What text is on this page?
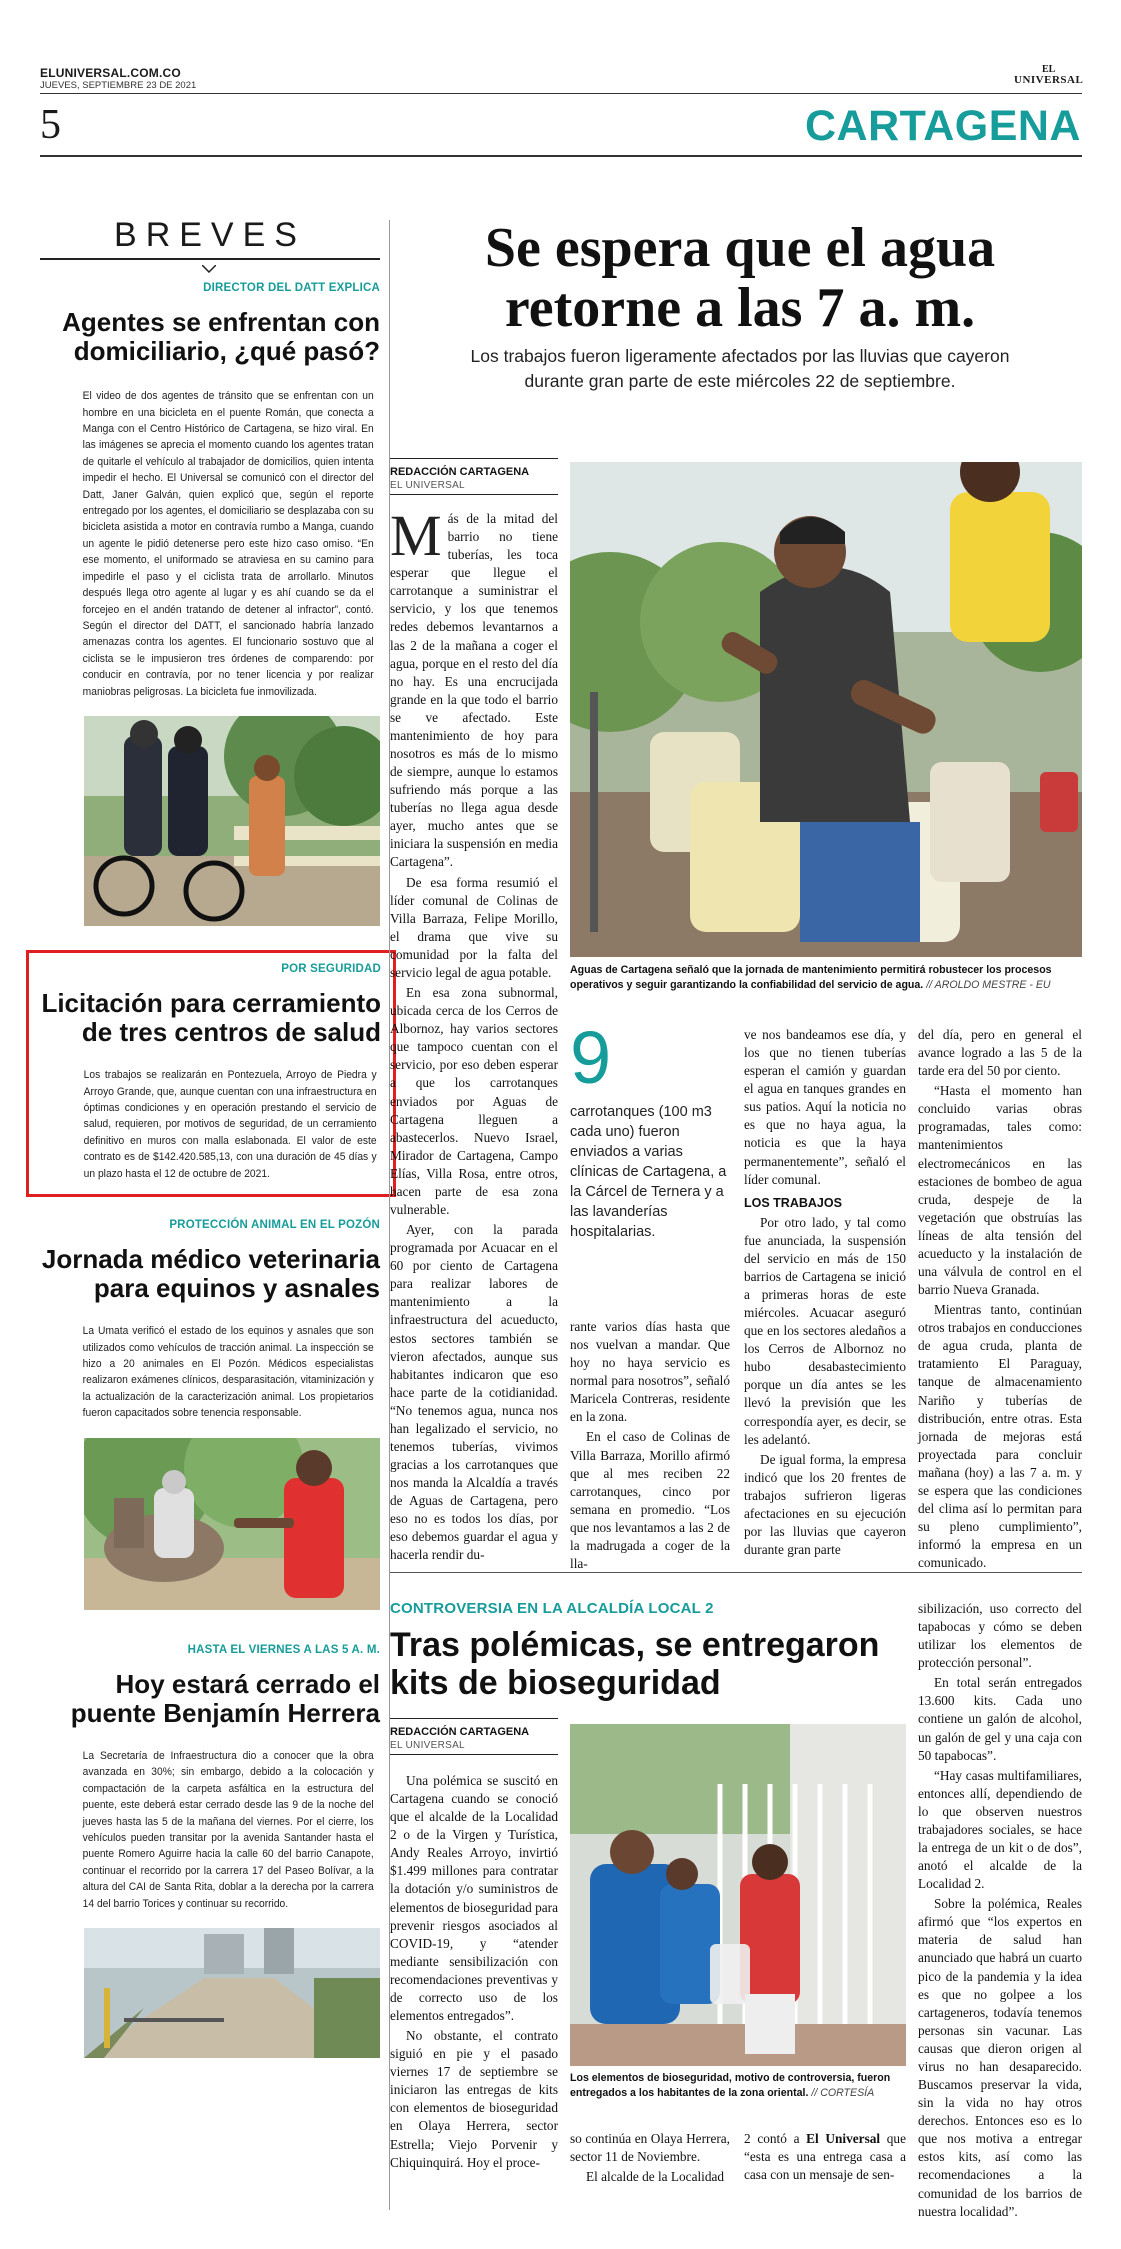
ELUNIVERSAL.COM.CO
JUEVES, SEPTIEMBRE 23 DE 2021
EL
UNIVERSAL
5	CARTAGENA
BREVES
DIRECTOR DEL DATT EXPLICA
Agentes se enfrentan con domiciliario, ¿qué pasó?
El video de dos agentes de tránsito que se enfrentan con un hombre en una bicicleta en el puente Román, que conecta a Manga con el Centro Histórico de Cartagena, se hizo viral. En las imágenes se aprecia el momento cuando los agentes tratan de quitarle el vehículo al trabajador de domicilios, quien intenta impedir el hecho. El Universal se comunicó con el director del Datt, Janer Galván, quien explicó que, según el reporte entregado por los agentes, el domiciliario se desplazaba con su bicicleta asistida a motor en contravía rumbo a Manga, cuando un agente le pidió detenerse pero este hizo caso omiso. “En ese momento, el uniformado se atraviesa en su camino para impedirle el paso y el ciclista trata de arrollarlo. Minutos después llega otro agente al lugar y es ahí cuando se da el forcejeo en el andén tratando de detener al infractor”, contó. Según el director del DATT, el sancionado habría lanzado amenazas contra los agentes. El funcionario sostuvo que al ciclista se le impusieron tres órdenes de comparendo: por conducir en contravía, por no tener licencia y por realizar maniobras peligrosas. La bicicleta fue inmovilizada.
POR SEGURIDAD
Licitación para cerramiento de tres centros de salud
Los trabajos se realizarán en Pontezuela, Arroyo de Piedra y Arroyo Grande, que, aunque cuentan con una infraestructura en óptimas condiciones y en operación prestando el servicio de salud, requieren, por motivos de seguridad, de un cerramiento definitivo en muros con malla eslabonada. El valor de este contrato es de $142.420.585,13, con una duración de 45 días y un plazo hasta el 12 de octubre de 2021.
PROTECCIÓN ANIMAL EN EL POZÓN
Jornada médico veterinaria para equinos y asnales
La Umata verificó el estado de los equinos y asnales que son utilizados como vehículos de tracción animal. La inspección se hizo a 20 animales en El Pozón. Médicos especialistas realizaron exámenes clínicos, desparasitación, vitaminización y la actualización de la caracterización animal. Los propietarios fueron capacitados sobre tenencia responsable.
HASTA EL VIERNES A LAS 5 A. M.
Hoy estará cerrado el puente Benjamín Herrera
La Secretaría de Infraestructura dio a conocer que la obra avanzada en 30%; sin embargo, debido a la colocación y compactación de la carpeta asfáltica en la estructura del puente, este deberá estar cerrado desde las 9 de la noche del jueves hasta las 5 de la mañana del viernes. Por el cierre, los vehículos pueden transitar por la avenida Santander hasta el puente Romero Aguirre hacia la calle 60 del barrio Canapote, continuar el recorrido por la carrera 17 del Paseo Bolívar, a la altura del CAI de Santa Rita, doblar a la derecha por la carrera 14 del barrio Torices y continuar su recorrido.
Se espera que el agua retorne a las 7 a. m.
Los trabajos fueron ligeramente afectados por las lluvias que cayeron durante gran parte de este miércoles 22 de septiembre.
REDACCIÓN CARTAGENA
EL UNIVERSAL
M ás de la mitad del barrio no tiene tuberías, les toca esperar que llegue el carrotanque a suministrar el servicio, y los que tenemos redes debemos levantarnos a las 2 de la mañana a coger el agua, porque en el resto del día no hay. Es una encrucijada grande en la que todo el barrio se ve afectado. Este mantenimiento de hoy para nosotros es más de lo mismo de siempre, aunque lo estamos sufriendo más porque a las tuberías no llega agua desde ayer, mucho antes que se iniciara la suspensión en media Cartagena”.

De esa forma resumió el líder comunal de Colinas de Villa Barraza, Felipe Morillo, el drama que vive su comunidad por la falta del servicio legal de agua potable.

En esa zona subnormal, ubicada cerca de los Cerros de Albornoz, hay varios sectores que tampoco cuentan con el servicio, por eso deben esperar a que los carrotanques enviados por Aguas de Cartagena lleguen a abastecerlos. Nuevo Israel, Mirador de Cartagena, Campo Elías, Villa Rosa, entre otros, hacen parte de esa zona vulnerable.

Ayer, con la parada programada por Acuacar en el 60 por ciento de Cartagena para realizar labores de mantenimiento a la infraestructura del acueducto, estos sectores también se vieron afectados, aunque sus habitantes indicaron que eso hace parte de la cotidianidad. “No tenemos agua, nunca nos han legalizado el servicio, no tenemos tuberías, vivimos gracias a los carrotanques que nos manda la Alcaldía a través de Aguas de Cartagena, pero eso no es todos los días, por eso debemos guardar el agua y hacerla rendir du-

Aguas de Cartagena señaló que la jornada de mantenimiento permitirá robustecer los procesos operativos y seguir garantizando la confiabilidad del servicio de agua. // AROLDO MESTRE - EU
9
carrotanques (100 m3 cada uno) fueron enviados a varias clínicas de Cartagena, a la Cárcel de Ternera y a las lavanderías hospitalarias.

rante varios días hasta que nos vuelvan a mandar. Que hoy no haya servicio es normal para nosotros”, señaló Maricela Contreras, residente en la zona.

En el caso de Colinas de Villa Barraza, Morillo afirmó que al mes reciben 22 carrotanques, cinco por semana en promedio. “Los que nos levantamos a las 2 de la madrugada a coger de la lla-

ve nos bandeamos ese día, y los que no tienen tuberías esperan el camión y guardan el agua en tanques grandes en sus patios. Aquí la noticia no es que no haya agua, la noticia es que la haya permanentemente”, señaló el líder comunal.

LOS TRABAJOS

Por otro lado, y tal como fue anunciada, la suspensión del servicio en más de 150 barrios de Cartagena se inició a primeras horas de este miércoles. Acuacar aseguró que en los sectores aledaños a los Cerros de Albornoz no hubo desabastecimiento porque un día antes se les llevó la previsión que les correspondía ayer, es decir, se les adelantó.

De igual forma, la empresa indicó que los 20 frentes de trabajos sufrieron ligeras afectaciones en su ejecución por las lluvias que cayeron durante gran parte

del día, pero en general el avance logrado a las 5 de la tarde era del 50 por ciento.

“Hasta el momento han concluido varias obras programadas, tales como: mantenimientos electromecánicos en las estaciones de bombeo de agua cruda, despeje de la vegetación que obstruías las líneas de alta tensión del acueducto y la instalación de una válvula de control en el barrio Nueva Granada.

Mientras tanto, continúan otros trabajos en conducciones de agua cruda, planta de tratamiento El Paraguay, tanque de almacenamiento Nariño y tuberías de distribución, entre otras. Esta jornada de mejoras está proyectada para concluir mañana (hoy) a las 7 a. m. y se espera que las condiciones del clima así lo permitan para su pleno cumplimiento”, informó la empresa en un comunicado.

CONTROVERSIA EN LA ALCALDÍA LOCAL 2
Tras polémicas, se entregaron kits de bioseguridad
REDACCIÓN CARTAGENA
EL UNIVERSAL

Una polémica se suscitó en Cartagena cuando se conoció que el alcalde de la Localidad 2 o de la Virgen y Turística, Andy Reales Arroyo, invirtió $1.499 millones para contratar la dotación y/o suministros de elementos de bioseguridad para prevenir riesgos asociados al COVID-19, y “atender mediante sensibilización con recomendaciones preventivas y de correcto uso de los elementos entregados”.

No obstante, el contrato siguió en pie y el pasado viernes 17 de septiembre se iniciaron las entregas de kits con elementos de bioseguridad en Olaya Herrera, sector Estrella; Viejo Porvenir y Chiquinquirá. Hoy el proce-

Los elementos de bioseguridad, motivo de controversia, fueron entregados a los habitantes de la zona oriental. // CORTESÍA

so continúa en Olaya Herrera, sector 11 de Noviembre.

El alcalde de la Localidad

2 contó a El Universal que “esta es una entrega casa a casa con un mensaje de sen-

sibilización, uso correcto del tapabocas y cómo se deben utilizar los elementos de protección personal”.

En total serán entregados 13.600 kits. Cada uno contiene un galón de alcohol, un galón de gel y una caja con 50 tapabocas”.

“Hay casas multifamiliares, entonces allí, dependiendo de lo que observen nuestros trabajadores sociales, se hace la entrega de un kit o de dos”, anotó el alcalde de la Localidad 2.

Sobre la polémica, Reales afirmó que “los expertos en materia de salud han anunciado que habrá un cuarto pico de la pandemia y la idea es que no golpee a los cartageneros, todavía tenemos personas sin vacunar. Las causas que dieron origen al virus no han desaparecido. Buscamos preservar la vida, sin la vida no hay otros derechos. Entonces eso es lo que nos motiva a entregar estos kits, así como las recomendaciones a la comunidad de los barrios de nuestra localidad”.
